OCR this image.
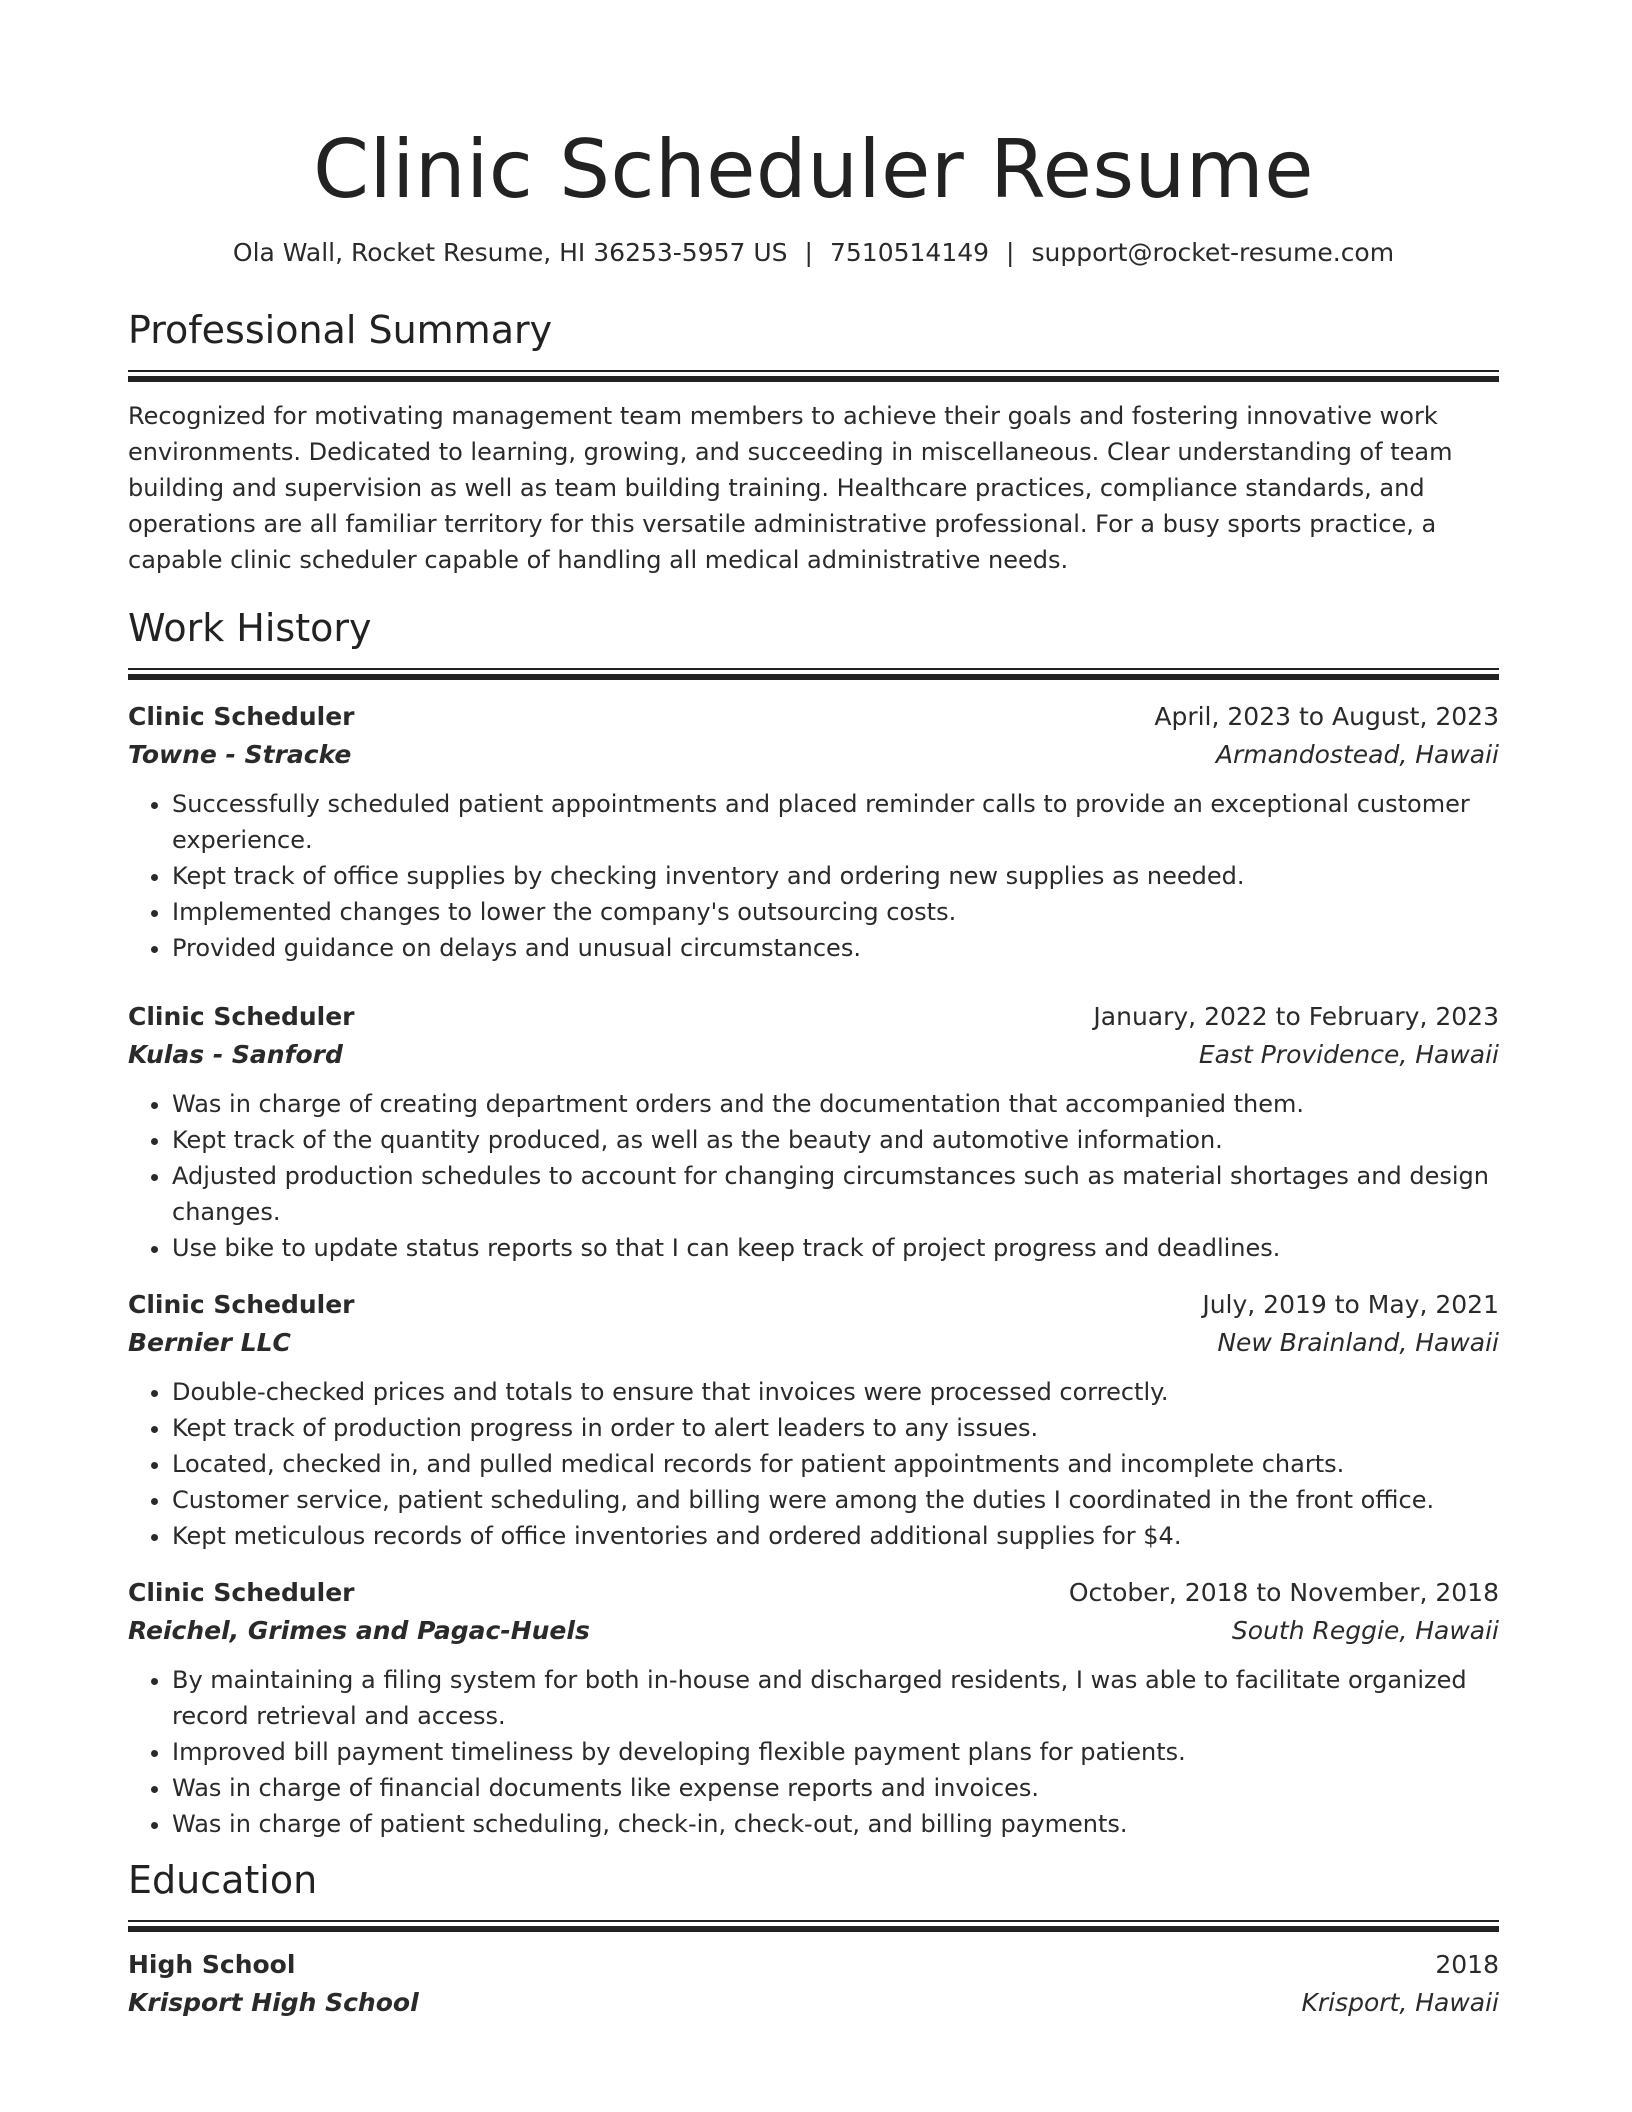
Clinic Scheduler Resume
Ola Wall, Rocket Resume, HI 36253-5957 US | 7510514149 | support@rocket-resume.com
Professional Summary

Recognized for motivating management team members to achieve their goals and fostering innovative work environments. Dedicated to learning, growing, and succeeding in miscellaneous. Clear understanding of team building and supervision as well as team building training. Healthcare practices, compliance standards, and operations are all familiar territory for this versatile administrative professional. For a busy sports practice, a capable clinic scheduler capable of handling all medical administrative needs.

Work History
Clinic Scheduler	April, 2023 to August, 2023
Towne - Stracke	Armandostead, Hawaii
• Successfully scheduled patient appointments and placed reminder calls to provide an exceptional customer experience.
• Kept track of office supplies by checking inventory and ordering new supplies as needed.
• Implemented changes to lower the company's outsourcing costs.
• Provided guidance on delays and unusual circumstances.
Clinic Scheduler	January, 2022 to February, 2023
Kulas - Sanford	East Providence, Hawaii
• Was in charge of creating department orders and the documentation that accompanied them.
• Kept track of the quantity produced, as well as the beauty and automotive information.
• Adjusted production schedules to account for changing circumstances such as material shortages and design changes.
• Use bike to update status reports so that I can keep track of project progress and deadlines.
Clinic Scheduler	July, 2019 to May, 2021
Bernier LLC	New Brainland, Hawaii
• Double-checked prices and totals to ensure that invoices were processed correctly.
• Kept track of production progress in order to alert leaders to any issues.
• Located, checked in, and pulled medical records for patient appointments and incomplete charts.
• Customer service, patient scheduling, and billing were among the duties I coordinated in the front office.
• Kept meticulous records of office inventories and ordered additional supplies for $4.
Clinic Scheduler	October, 2018 to November, 2018
Reichel, Grimes and Pagac-Huels	South Reggie, Hawaii
• By maintaining a filing system for both in-house and discharged residents, I was able to facilitate organized record retrieval and access.
• Improved bill payment timeliness by developing flexible payment plans for patients.
• Was in charge of financial documents like expense reports and invoices.
• Was in charge of patient scheduling, check-in, check-out, and billing payments.
Education
High School	2018
Krisport High School	Krisport, Hawaii
